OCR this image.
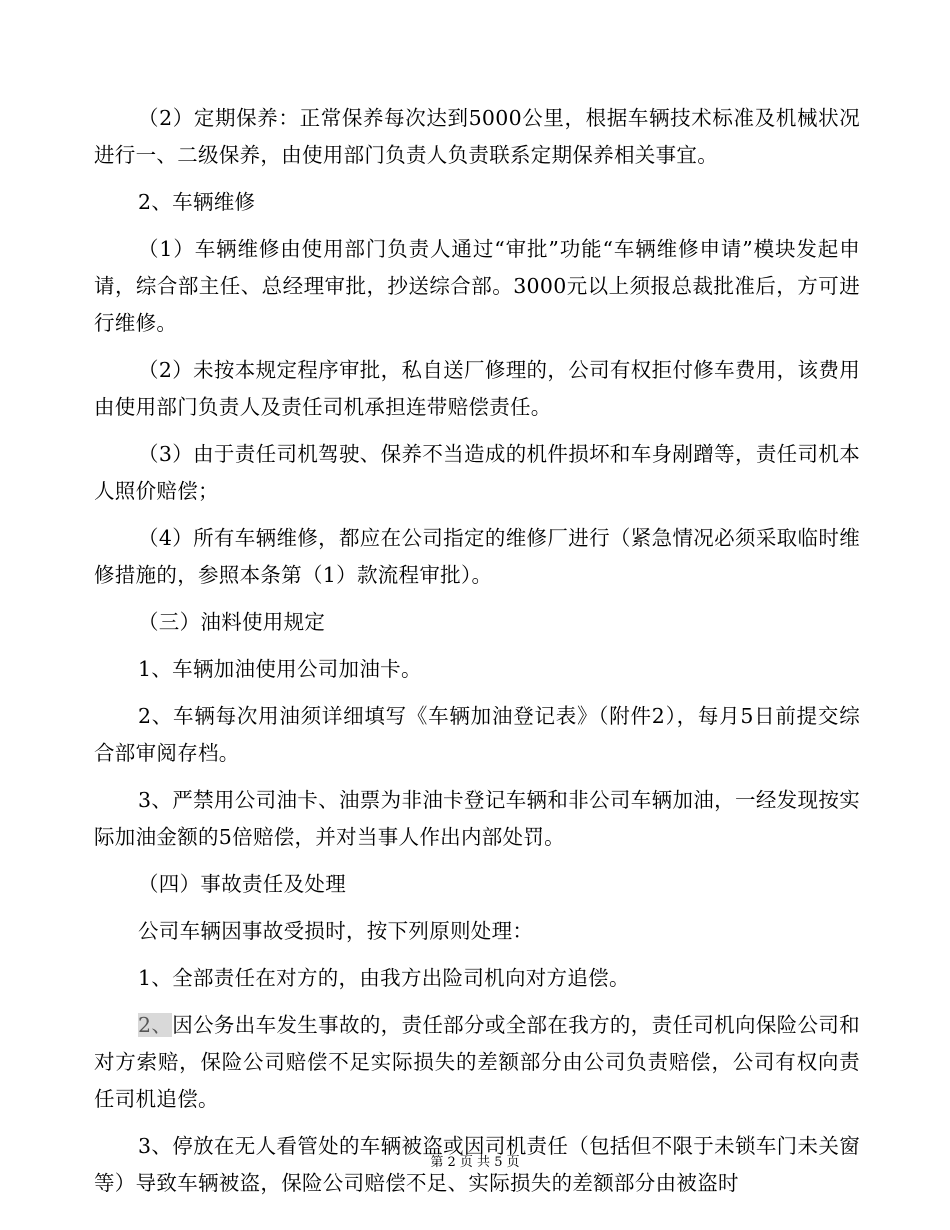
（2）定期保养：正常保养每次达到5000公里，根据车辆技术标准及机械状况进行一、二级保养，由使用部门负责人负责联系定期保养相关事宜。

2、车辆维修

（1）车辆维修由使用部门负责人通过“审批”功能“车辆维修申请”模块发起申请，综合部主任、总经理审批，抄送综合部。3000元以上须报总裁批准后，方可进行维修。

（2）未按本规定程序审批，私自送厂修理的，公司有权拒付修车费用，该费用由使用部门负责人及责任司机承担连带赔偿责任。

（3）由于责任司机驾驶、保养不当造成的机件损坏和车身剐蹭等，责任司机本人照价赔偿；

（4）所有车辆维修，都应在公司指定的维修厂进行（紧急情况必须采取临时维修措施的，参照本条第（1）款流程审批）。

（三）油料使用规定

1、车辆加油使用公司加油卡。

2、车辆每次用油须详细填写《车辆加油登记表》（附件2），每月5日前提交综合部审阅存档。

3、严禁用公司油卡、油票为非油卡登记车辆和非公司车辆加油，一经发现按实际加油金额的5倍赔偿，并对当事人作出内部处罚。

（四）事故责任及处理

公司车辆因事故受损时，按下列原则处理：

1、全部责任在对方的，由我方出险司机向对方追偿。

2、因公务出车发生事故的，责任部分或全部在我方的，责任司机向保险公司和对方索赔，保险公司赔偿不足实际损失的差额部分由公司负责赔偿，公司有权向责任司机追偿。

3、停放在无人看管处的车辆被盗或因司机责任（包括但不限于未锁车门未关窗等）导致车辆被盗，保险公司赔偿不足、实际损失的差额部分由被盗时

第 2 页 共 5 页
